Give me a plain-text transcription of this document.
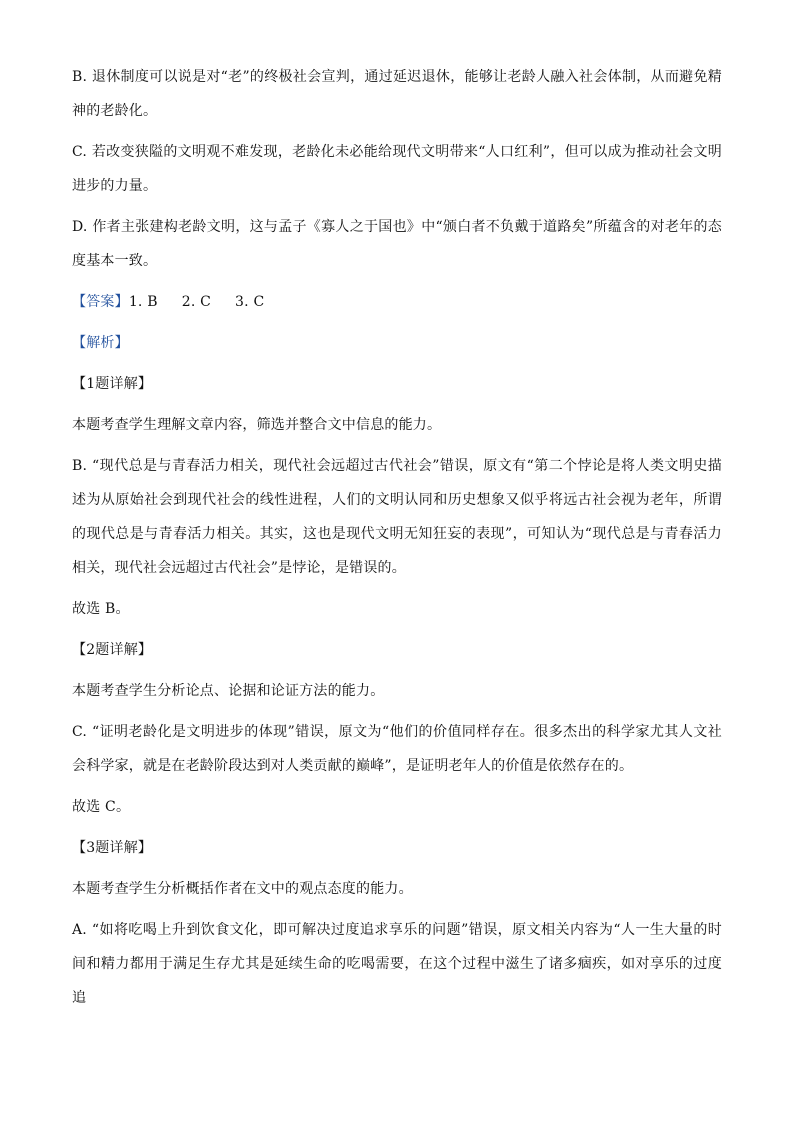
B. 退休制度可以说是对“老”的终极社会宣判，通过延迟退休，能够让老龄人融入社会体制，从而避免精神的老龄化。

C. 若改变狭隘的文明观不难发现，老龄化未必能给现代文明带来“人口红利”，但可以成为推动社会文明进步的力量。

D. 作者主张建构老龄文明，这与孟子《寡人之于国也》中“颁白者不负戴于道路矣”所蕴含的对老年的态度基本一致。

【答案】1. B 2. C 3. C

【解析】

【1题详解】

本题考查学生理解文章内容，筛选并整合文中信息的能力。

B. “现代总是与青春活力相关，现代社会远超过古代社会”错误，原文有“第二个悖论是将人类文明史描述为从原始社会到现代社会的线性进程，人们的文明认同和历史想象又似乎将远古社会视为老年，所谓的现代总是与青春活力相关。其实，这也是现代文明无知狂妄的表现”，可知认为“现代总是与青春活力相关，现代社会远超过古代社会”是悖论，是错误的。

故选 B。

【2题详解】

本题考查学生分析论点、论据和论证方法的能力。

C. “证明老龄化是文明进步的体现”错误，原文为“他们的价值同样存在。很多杰出的科学家尤其人文社会科学家，就是在老龄阶段达到对人类贡献的巅峰”，是证明老年人的价值是依然存在的。

故选 C。

【3题详解】

本题考查学生分析概括作者在文中的观点态度的能力。

A. “如将吃喝上升到饮食文化，即可解决过度追求享乐的问题”错误，原文相关内容为“人一生大量的时间和精力都用于满足生存尤其是延续生命的吃喝需要，在这个过程中滋生了诸多痼疾，如对享乐的过度追
